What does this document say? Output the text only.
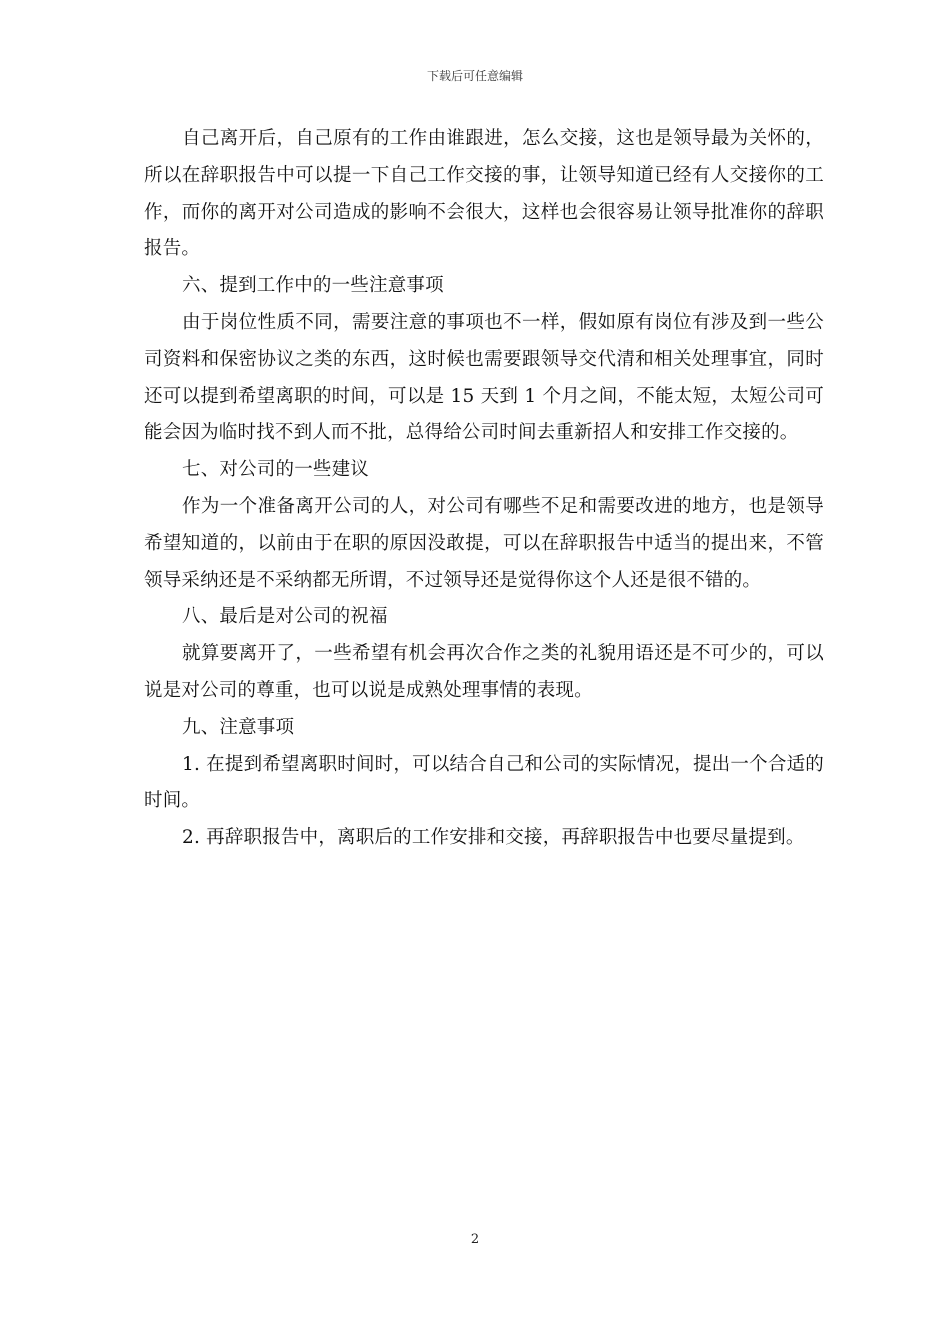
下载后可任意编辑

自己离开后，自己原有的工作由谁跟进，怎么交接，这也是领导最为关怀的，所以在辞职报告中可以提一下自己工作交接的事，让领导知道已经有人交接你的工作，而你的离开对公司造成的影响不会很大，这样也会很容易让领导批准你的辞职报告。

六、提到工作中的一些注意事项

由于岗位性质不同，需要注意的事项也不一样，假如原有岗位有涉及到一些公司资料和保密协议之类的东西，这时候也需要跟领导交代清和相关处理事宜，同时还可以提到希望离职的时间，可以是 15 天到 1 个月之间，不能太短，太短公司可能会因为临时找不到人而不批，总得给公司时间去重新招人和安排工作交接的。

七、对公司的一些建议

作为一个准备离开公司的人，对公司有哪些不足和需要改进的地方，也是领导希望知道的，以前由于在职的原因没敢提，可以在辞职报告中适当的提出来，不管领导采纳还是不采纳都无所谓，不过领导还是觉得你这个人还是很不错的。

八、最后是对公司的祝福

就算要离开了，一些希望有机会再次合作之类的礼貌用语还是不可少的，可以说是对公司的尊重，也可以说是成熟处理事情的表现。

九、注意事项

1. 在提到希望离职时间时，可以结合自己和公司的实际情况，提出一个合适的时间。

2. 再辞职报告中，离职后的工作安排和交接，再辞职报告中也要尽量提到。

2
